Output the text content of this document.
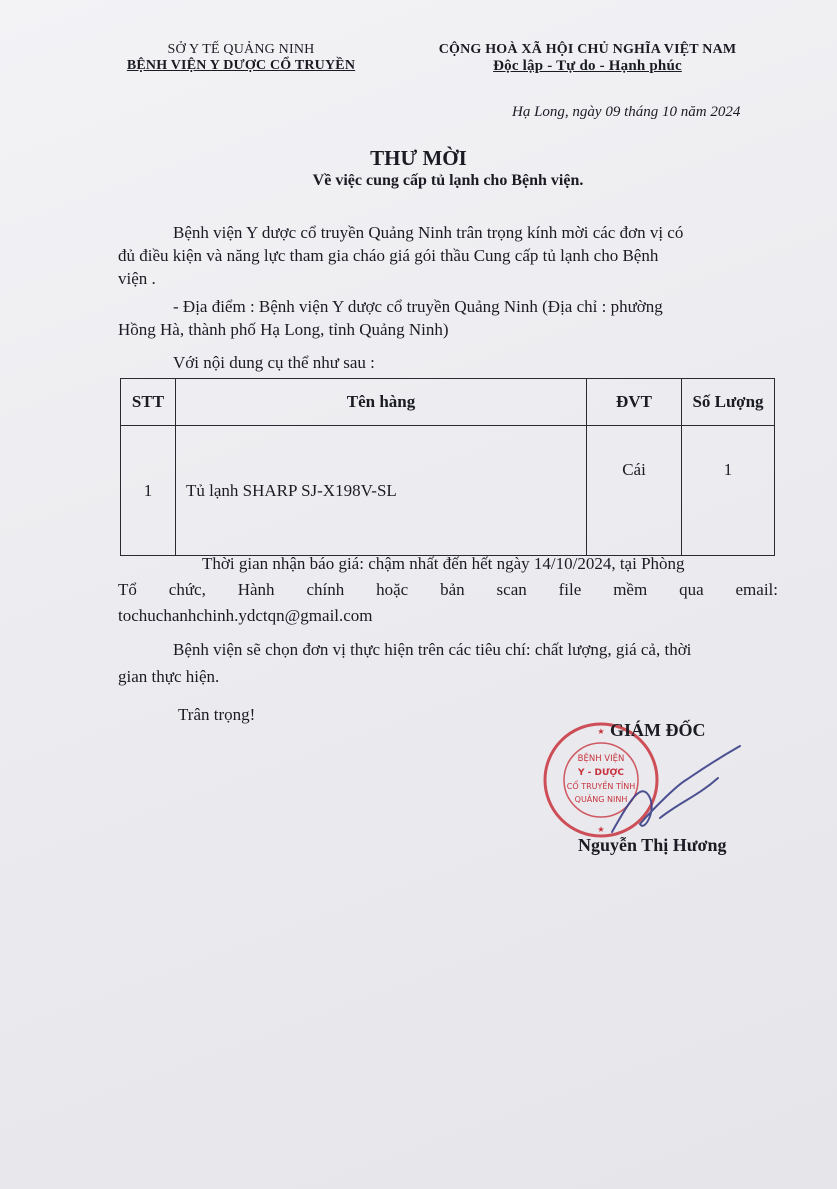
SỞ Y TẾ QUẢNG NINH
BỆNH VIỆN Y DƯỢC CỔ TRUYỀN
CỘNG HOÀ XÃ HỘI CHỦ NGHĨA VIỆT NAM
Độc lập - Tự do - Hạnh phúc
Hạ Long, ngày 09 tháng 10 năm 2024
THƯ MỜI
Về việc cung cấp tủ lạnh cho Bệnh viện.
Bệnh viện Y dược cổ truyền Quảng Ninh trân trọng kính mời các đơn vị có
đủ điều kiện và năng lực tham gia cháo giá gói thầu Cung cấp tủ lạnh cho Bệnh
viện .
- Địa điểm : Bệnh viện Y dược cổ truyền Quảng Ninh (Địa chỉ : phường
Hồng Hà, thành phố Hạ Long, tỉnh Quảng Ninh)
Với nội dung cụ thể như sau :
STT	Tên hàng	ĐVT	Số Lượng
1	Tủ lạnh SHARP SJ-X198V-SL	Cái	1
Thời gian nhận báo giá: chậm nhất đến hết ngày 14/10/2024, tại Phòng
Tổ chức, Hành chính hoặc bản scan file mềm qua email:
tochuchanhchinh.ydctqn@gmail.com
Bệnh viện sẽ chọn đơn vị thực hiện trên các tiêu chí: chất lượng, giá cả, thời
gian thực hiện.
Trân trọng!
BỆNH VIỆN
Y - DƯỢC
CỔ TRUYỀN TỈNH
QUẢNG NINH
★
★
GIÁM ĐỐC
Nguyễn Thị Hương
